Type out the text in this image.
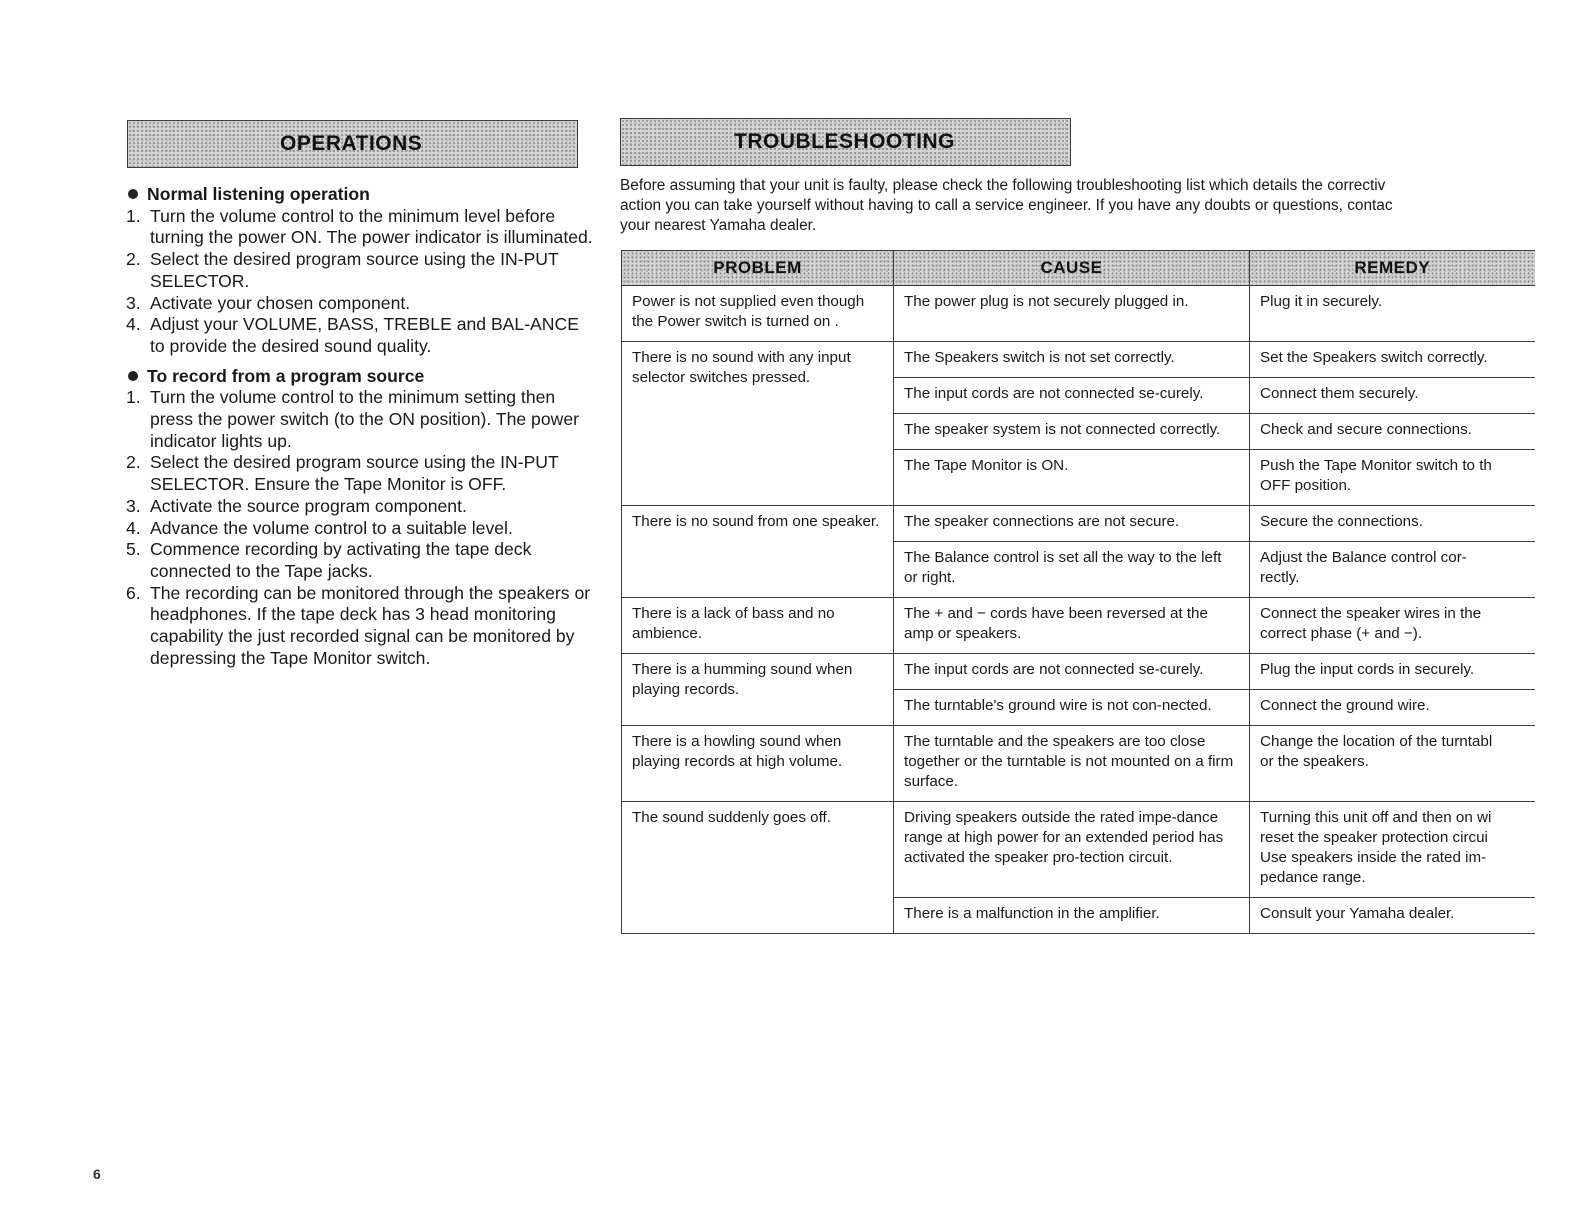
OPERATIONS
Normal listening operation
1. Turn the volume control to the minimum level before turning the power ON. The power indicator is illuminated.
2. Select the desired program source using the IN-PUT SELECTOR.
3. Activate your chosen component.
4. Adjust your VOLUME, BASS, TREBLE and BAL-ANCE to provide the desired sound quality.
To record from a program source
1. Turn the volume control to the minimum setting then press the power switch (to the ON position). The power indicator lights up.
2. Select the desired program source using the IN-PUT SELECTOR. Ensure the Tape Monitor is OFF.
3. Activate the source program component.
4. Advance the volume control to a suitable level.
5. Commence recording by activating the tape deck connected to the Tape jacks.
6. The recording can be monitored through the speakers or headphones. If the tape deck has 3 head monitoring capability the just recorded signal can be monitored by depressing the Tape Monitor switch.
TROUBLESHOOTING
Before assuming that your unit is faulty, please check the following troubleshooting list which details the correctiv
action you can take yourself without having to call a service engineer. If you have any doubts or questions, contac
your nearest Yamaha dealer.
PROBLEM	CAUSE	REMEDY
Power is not supplied even though the Power switch is turned on .	The power plug is not securely plugged in.	Plug it in securely.

There is no sound with any input selector switches pressed.	The Speakers switch is not set correctly.	Set the Speakers switch correctly.

	The input cords are not connected se-curely.	Connect them securely.

	The speaker system is not connected correctly.	Check and secure connections.

	The Tape Monitor is ON.	Push the Tape Monitor switch to th
OFF position.

There is no sound from one speaker.	The speaker connections are not secure.	Secure the connections.

	The Balance control is set all the way to the left or right.	Adjust the Balance control cor-
rectly.

There is a lack of bass and no ambience.	The + and − cords have been reversed at the amp or speakers.	Connect the speaker wires in the
correct phase (+ and −).

There is a humming sound when playing records.	The input cords are not connected se-curely.	Plug the input cords in securely.

	The turntable's ground wire is not con-nected.	Connect the ground wire.

There is a howling sound when playing records at high volume.	The turntable and the speakers are too close together or the turntable is not mounted on a firm surface.	Change the location of the turntabl
or the speakers.

The sound suddenly goes off.	Driving speakers outside the rated impe-dance range at high power for an extended period has activated the speaker pro-tection circuit.	Turning this unit off and then on wi
reset the speaker protection circui
Use speakers inside the rated im-
pedance range.

	There is a malfunction in the amplifier.	Consult your Yamaha dealer.
6
